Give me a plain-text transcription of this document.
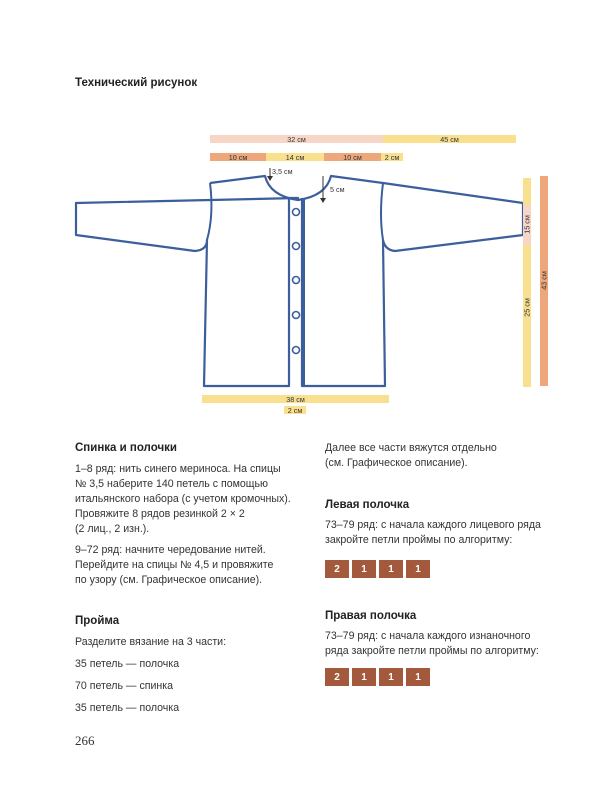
Технический рисунок
32 см	45 см
10 см	14 см	10 см	2 см
3,5 см
5 см
15 см
25 см
43 см
38 см
2 см
Спинка и полочки
1–8 ряд: нить синего мериноса. На спицы
№ 3,5 наберите 140 петель с помощью
итальянского набора (с учетом кромочных).
Провяжите 8 рядов резинкой 2 × 2
(2 лиц., 2 изн.).
9–72 ряд: начните чередование нитей.
Перейдите на спицы № 4,5 и провяжите
по узору (см. Графическое описание).
Пройма
Разделите вязание на 3 части:
35 петель — полочка
70 петель — спинка
35 петель — полочка
Далее все части вяжутся отдельно
(см. Графическое описание).
Левая полочка
73–79 ряд: с начала каждого лицевого ряда
закройте петли проймы по алгоритму:
2	1	1	1
Правая полочка
73–79 ряд: с начала каждого изнаночного
ряда закройте петли проймы по алгоритму:
2	1	1	1
266
PassionForum.ru
